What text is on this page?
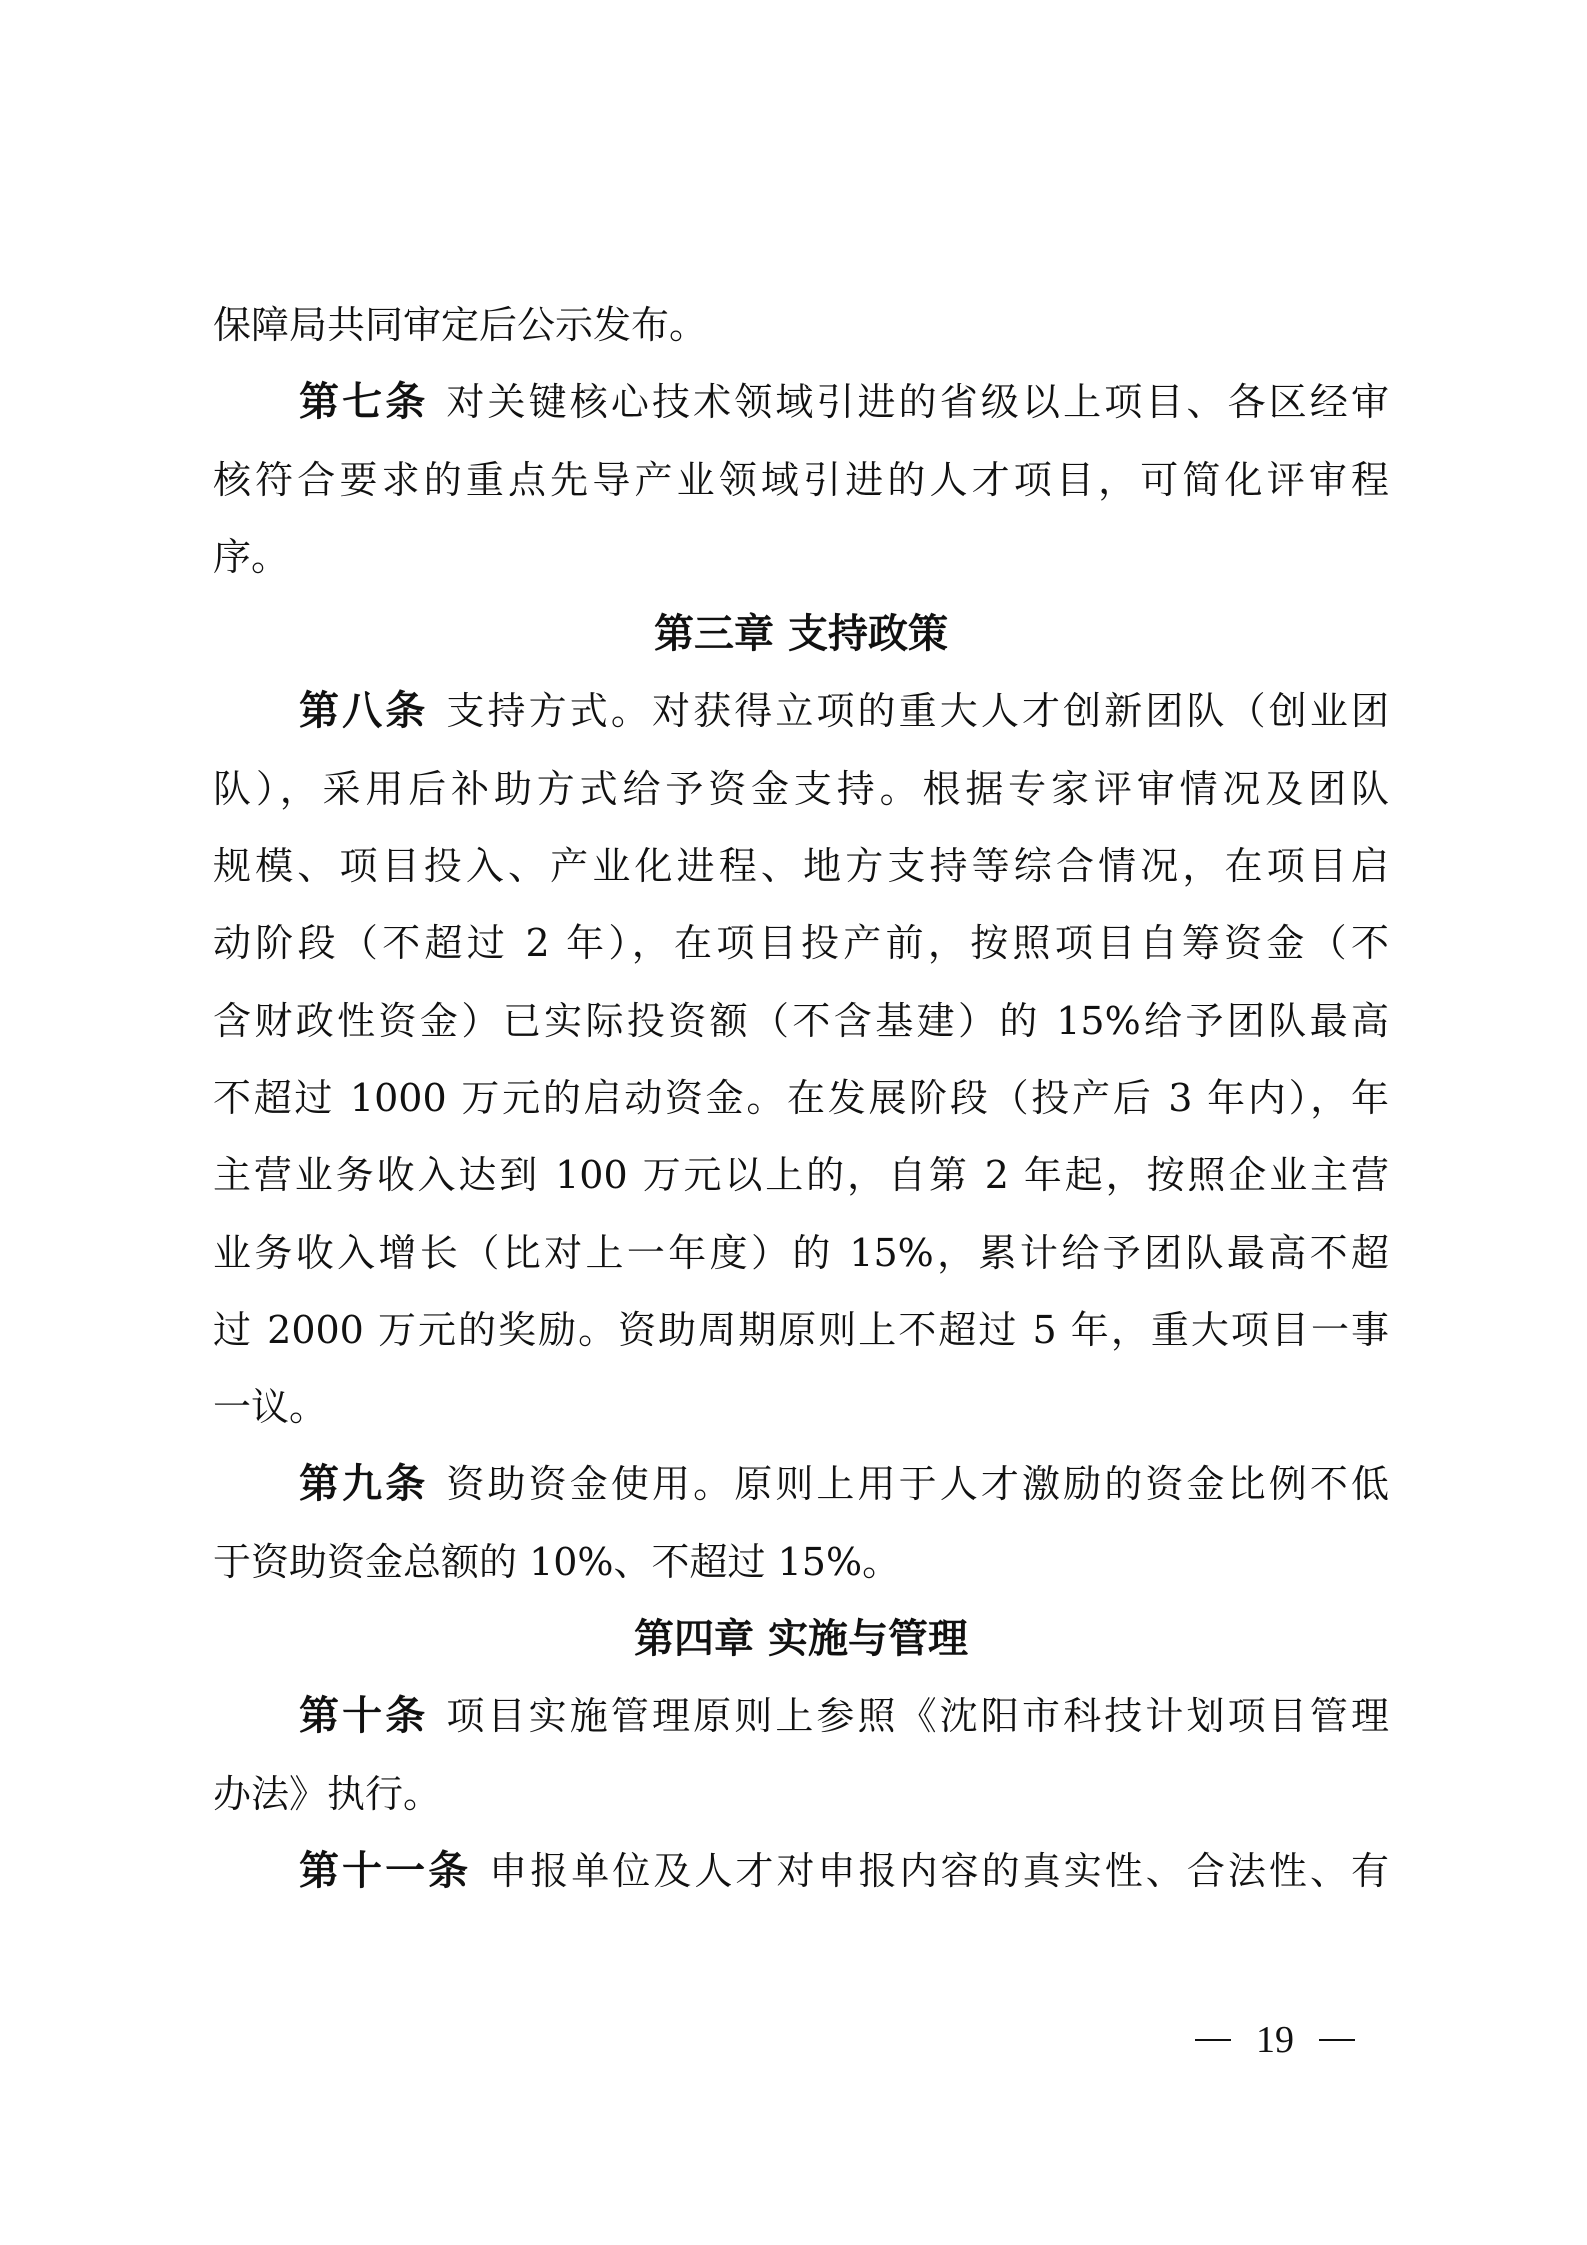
保障局共同审定后公示发布。
第七条 对关键核心技术领域引进的省级以上项目、各区经审
核符合要求的重点先导产业领域引进的人才项目，可简化评审程
序。
第三章 支持政策
第八条 支持方式。对获得立项的重大人才创新团队（创业团
队），采用后补助方式给予资金支持。根据专家评审情况及团队
规模、项目投入、产业化进程、地方支持等综合情况，在项目启
动阶段（不超过 2 年），在项目投产前，按照项目自筹资金（不
含财政性资金）已实际投资额（不含基建）的 15%给予团队最高
不超过 1000 万元的启动资金。在发展阶段（投产后 3 年内），年
主营业务收入达到 100 万元以上的，自第 2 年起，按照企业主营
业务收入增长（比对上一年度）的 15%，累计给予团队最高不超
过 2000 万元的奖励。资助周期原则上不超过 5 年，重大项目一事
一议。
第九条 资助资金使用。原则上用于人才激励的资金比例不低
于资助资金总额的 10%、不超过 15%。
第四章 实施与管理
第十条 项目实施管理原则上参照《沈阳市科技计划项目管理
办法》执行。
第十一条 申报单位及人才对申报内容的真实性、合法性、有
19
